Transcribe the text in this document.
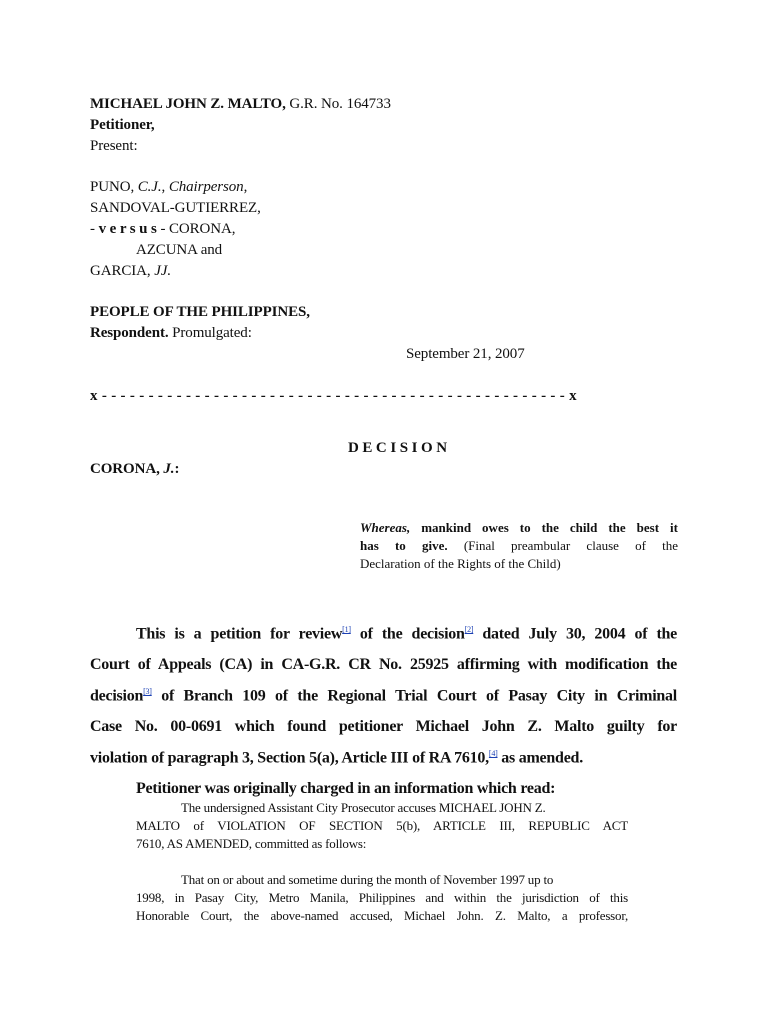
MICHAEL JOHN Z. MALTO, G.R. No. 164733
Petitioner,
Present:
PUNO, C.J., Chairperson,
SANDOVAL-GUTIERREZ,
- v e r s u s - CORONA,
AZCUNA and
GARCIA, JJ.
PEOPLE OF THE PHILIPPINES,
Respondent. Promulgated:
September 21, 2007
x - - - - - - - - - - - - - - - - - - - - - - - - - - - - - - - - - - - - - - - - - - - - - - - - - - x
D E C I S I O N
CORONA, J.:
Whereas, mankind owes to the child the best it
has to give. (Final preambular clause of the
Declaration of the Rights of the Child)
This is a petition for review[1] of the decision[2] dated July 30, 2004 of the
Court of Appeals (CA) in CA-G.R. CR No. 25925 affirming with modification the
decision[3] of Branch 109 of the Regional Trial Court of Pasay City in Criminal
Case No. 00-0691 which found petitioner Michael John Z. Malto guilty for
violation of paragraph 3, Section 5(a), Article III of RA 7610,[4] as amended.
Petitioner was originally charged in an information which read:
The undersigned Assistant City Prosecutor accuses MICHAEL JOHN Z.
MALTO of VIOLATION OF SECTION 5(b), ARTICLE III, REPUBLIC ACT
7610, AS AMENDED, committed as follows:
That on or about and sometime during the month of November 1997 up to
1998, in Pasay City, Metro Manila, Philippines and within the jurisdiction of this
Honorable Court, the above-named accused, Michael John. Z. Malto, a professor,
